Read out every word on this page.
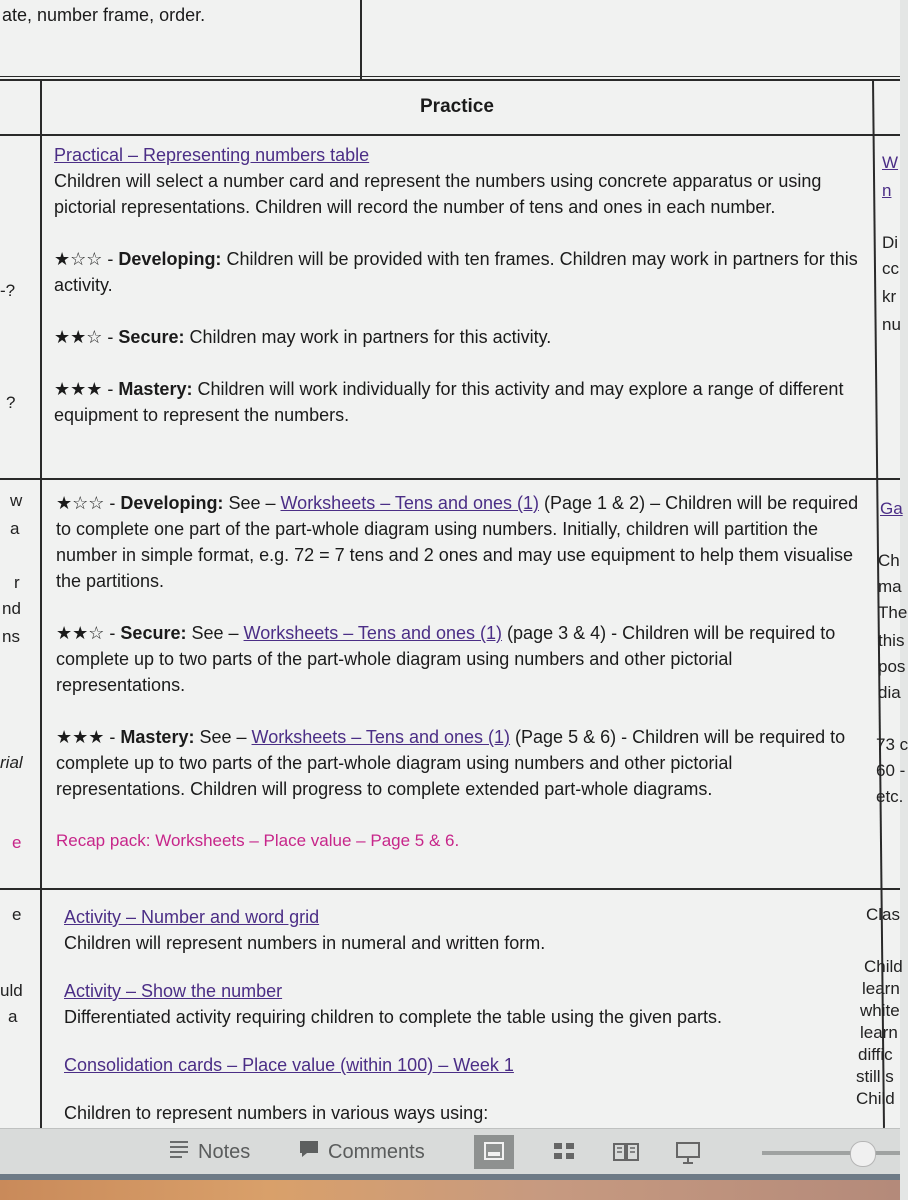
ate, number frame, order.
Practice
-?
?
w
a
r
nd
ns
rial
e
e
uld
a
W
n
Di
cc
kr
nu
Ga
Ch
ma
The
this
pos
dia
73 c
60 -
etc.
Clas
Child
learn
white
learn
diffic
still s
Child

Practical – Representing numbers table

Children will select a number card and represent the numbers using concrete apparatus or using pictorial representations. Children will record the number of tens and ones in each number.

★☆☆ - Developing: Children will be provided with ten frames. Children may work in partners for this activity.

★★☆ - Secure: Children may work in partners for this activity.

★★★ - Mastery: Children will work individually for this activity and may explore a range of different equipment to represent the numbers.

★☆☆ - Developing: See – Worksheets – Tens and ones (1) (Page 1 & 2) – Children will be required to complete one part of the part-whole diagram using numbers. Initially, children will partition the number in simple format, e.g. 72 = 7 tens and 2 ones and may use equipment to help them visualise the partitions.

★★☆ - Secure: See – Worksheets – Tens and ones (1) (page 3 & 4) - Children will be required to complete up to two parts of the part-whole diagram using numbers and other pictorial representations.

★★★ - Mastery: See – Worksheets – Tens and ones (1) (Page 5 & 6) - Children will be required to complete up to two parts of the part-whole diagram using numbers and other pictorial representations. Children will progress to complete extended part-whole diagrams.

Recap pack: Worksheets – Place value – Page 5 & 6.

Activity – Number and word grid

Children will represent numbers in numeral and written form.

Activity – Show the number

Differentiated activity requiring children to complete the table using the given parts.

Consolidation cards – Place value (within 100) – Week 1

Children to represent numbers in various ways using:

Notes	Comments
